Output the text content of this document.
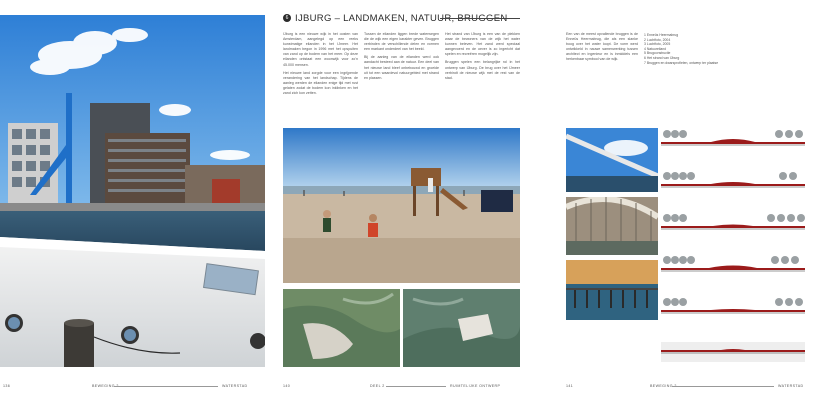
6 IJBURG – LANDMAKEN, NATUUR, BRUGGEN

IJburg is een nieuwe wijk in het oosten van Amsterdam, aangelegd op een reeks kunstmatige eilanden in het IJmeer. Het landmaken begon in 1996 met het opspuiten van zand op de bodem van het meer. Op deze eilanden ontstaat een woonwijk voor zo'n 45.000 mensen.

Het nieuwe land zorgde voor een ingrijpende verandering van het landschap. Tijdens de aanleg werden de eilanden enige tijd met rust gelaten zodat de bodem kon inklinken en het zand zich kon zetten.

Tussen de eilanden liggen brede waterwegen die de wijk een eigen karakter geven. Bruggen verbinden de verschillende delen en vormen een markant onderdeel van het beeld.

Bij de aanleg van de eilanden werd ook aandacht besteed aan de natuur. Een deel van het nieuwe land bleef onbebouwd en groeide uit tot een waardevol natuurgebied met strand en plassen.

Het strand van IJburg is een van de plekken waar de bewoners van de wijk het water kunnen beleven. Het zand werd speciaal aangevoerd en de oever is zo ingericht dat spelen en recreëren mogelijk zijn.

Bruggen spelen een belangrijke rol in het ontwerp van IJburg. De brug over het IJmeer verbindt de nieuwe wijk met de rest van de stad.

Een van de meest opvallende bruggen is de Enneüs Heermabrug, die als een slanke boog over het water loopt. De vorm werd ontwikkeld in nauwe samenwerking tussen architect en ingenieur en is inmiddels een herkenbaar symbool van de wijk.

1 Enneüs Heermabrug
2 Luchtfoto, 2004
3 Luchtfoto, 2005
4 Natuureiland
5 Brugconstructie
6 Het strand van IJburg
7 Bruggen en dwarsprofielen, ontwerp ter plaatse
136	BEWEGING 2	WATERSTAD	140	DEEL 2	RUIMTELIJKE ONTWERP	141	BEWEGING 2	WATERSTAD
